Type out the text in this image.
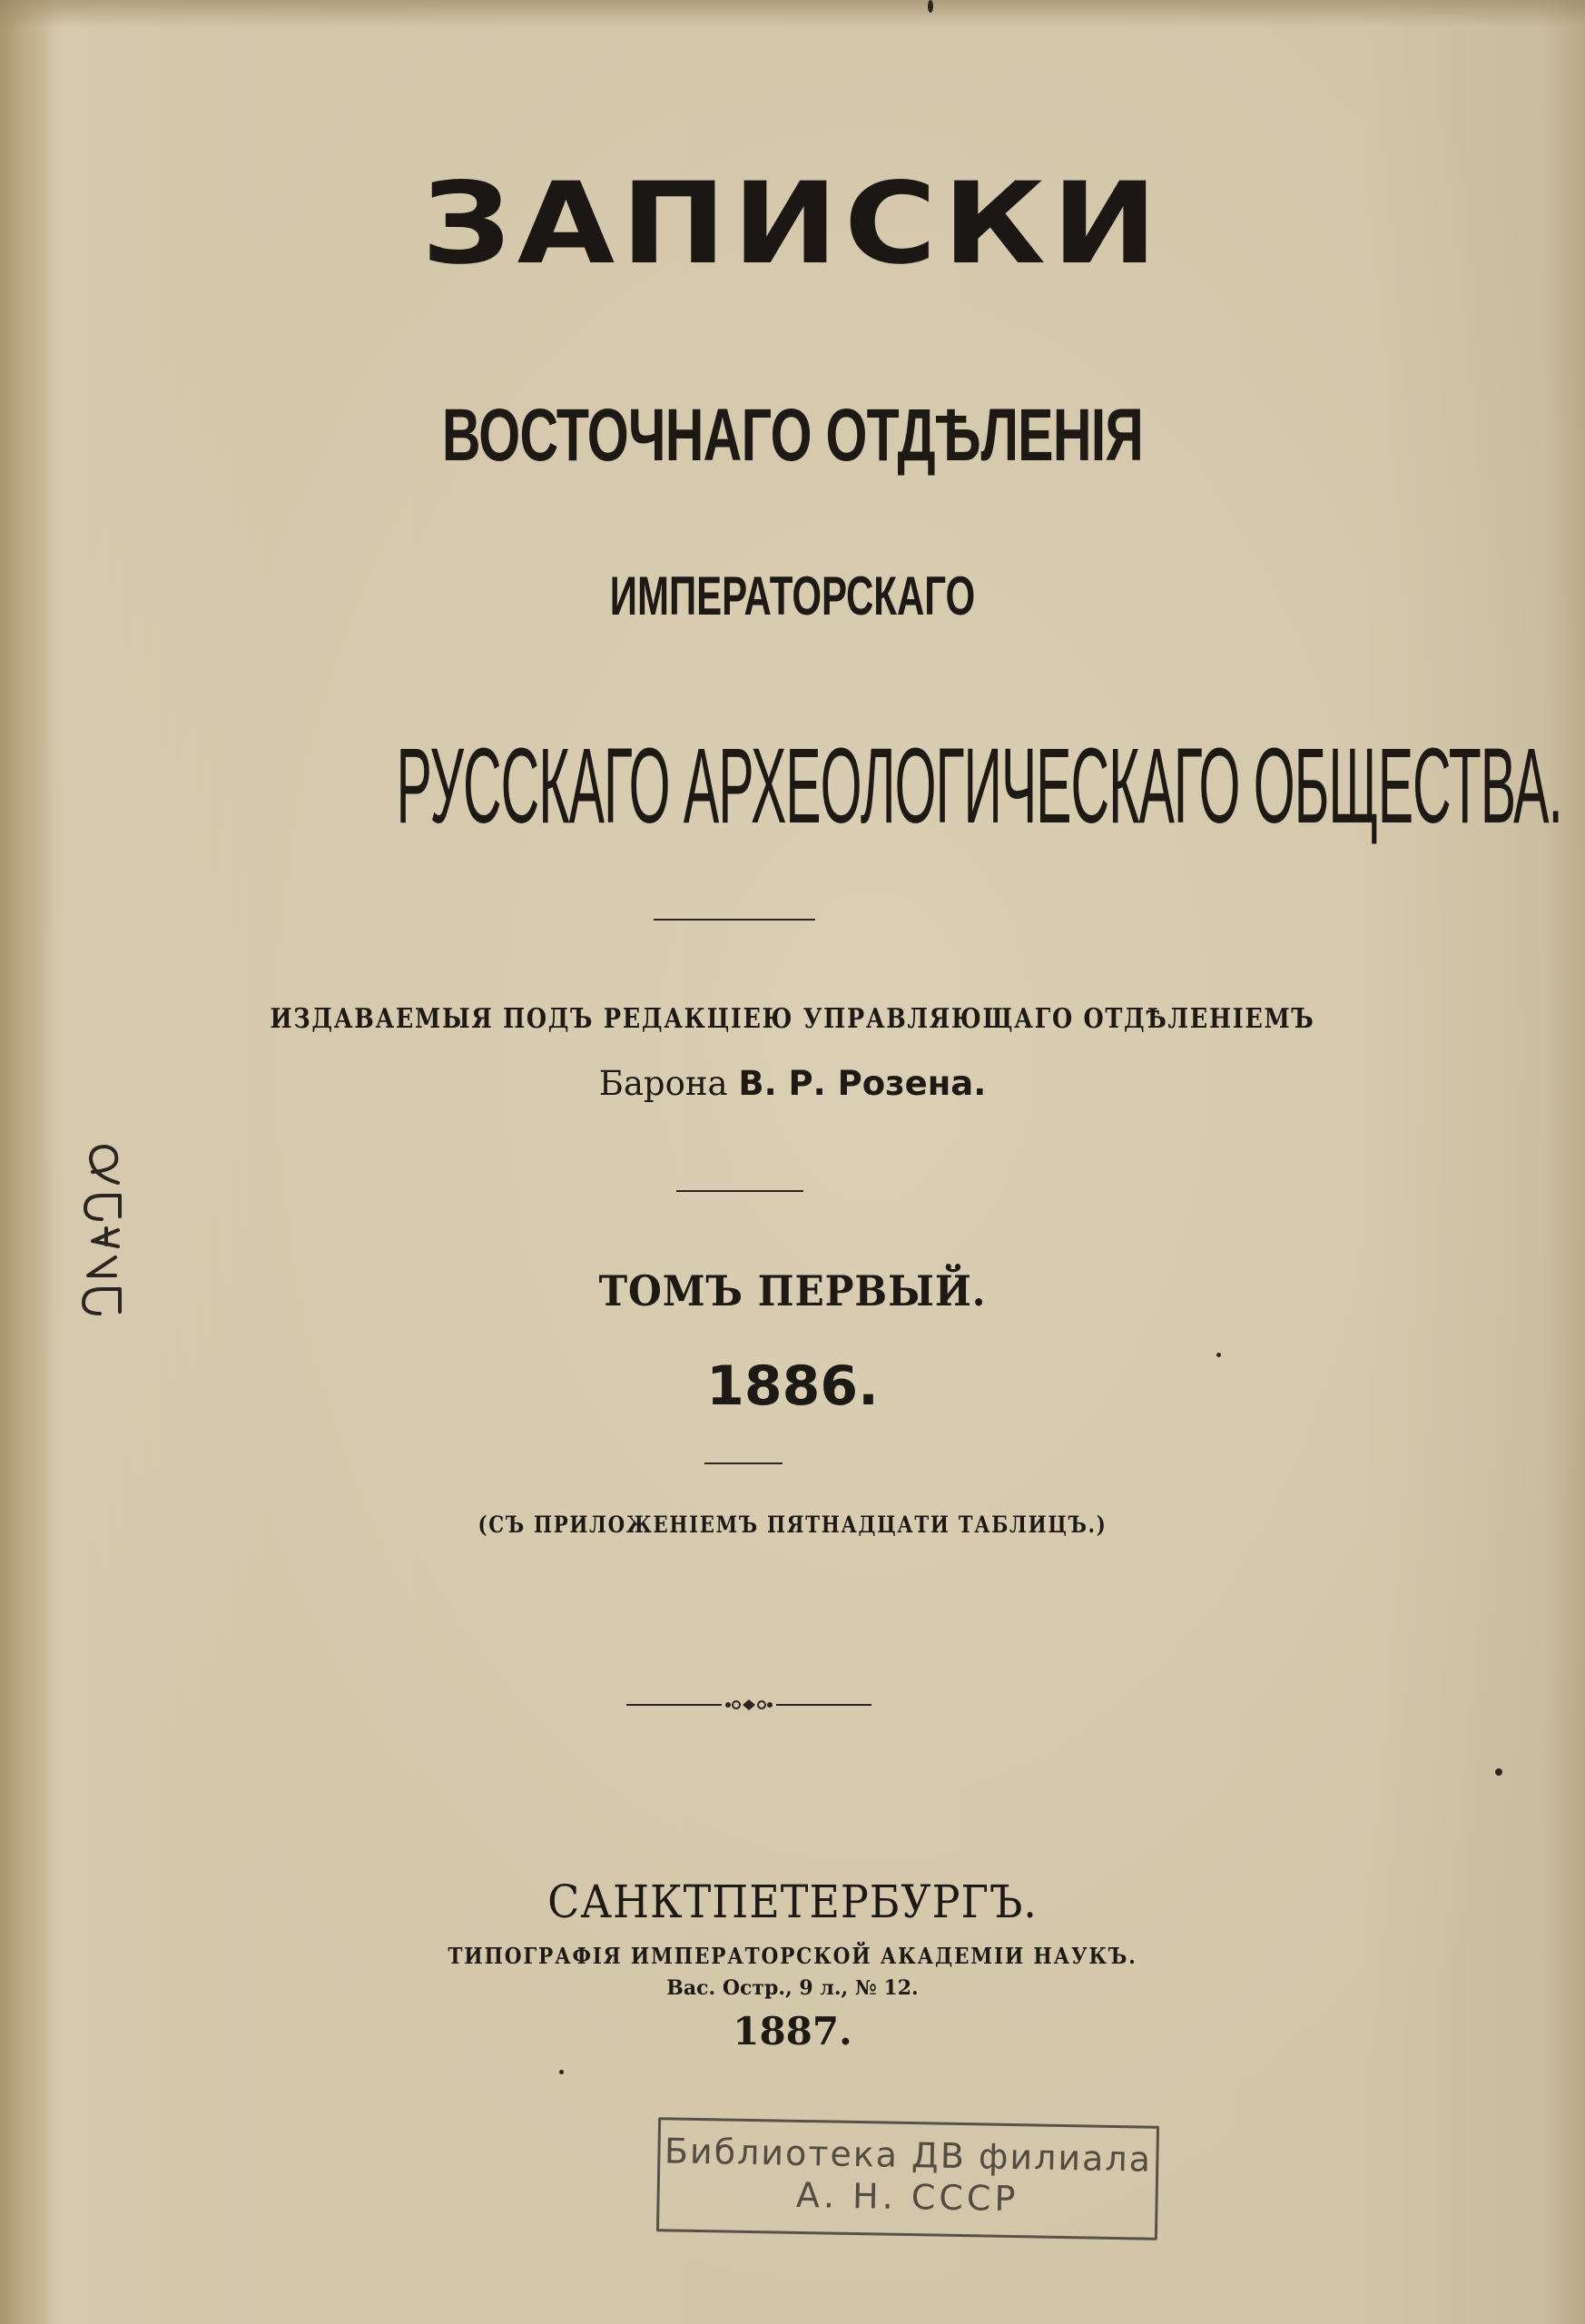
ЗАПИСКИ

ВОСТОЧНАГО ОТДѢЛЕНІЯ

ИМПЕРАТОРСКАГО

РУССКАГО АРХЕОЛОГИЧЕСКАГО ОБЩЕСТВА.

ИЗДАВАЕМЫЯ ПОДЪ РЕДАКЦІЕЮ УПРАВЛЯЮЩАГО ОТДѢЛЕНІЕМЪ

Барона В. Р. Розена.

ТОМЪ ПЕРВЫЙ.

1886.

(СЪ ПРИЛОЖЕНІЕМЪ ПЯТНАДЦАТИ ТАБЛИЦЪ.)

САНКТПЕТЕРБУРГЪ.

ТИПОГРАФІЯ ИМПЕРАТОРСКОЙ АКАДЕМІИ НАУКЪ.

Вас. Остр., 9 л., № 12.

1887.

Библиотека ДВ филиала
А. Н. СССР
